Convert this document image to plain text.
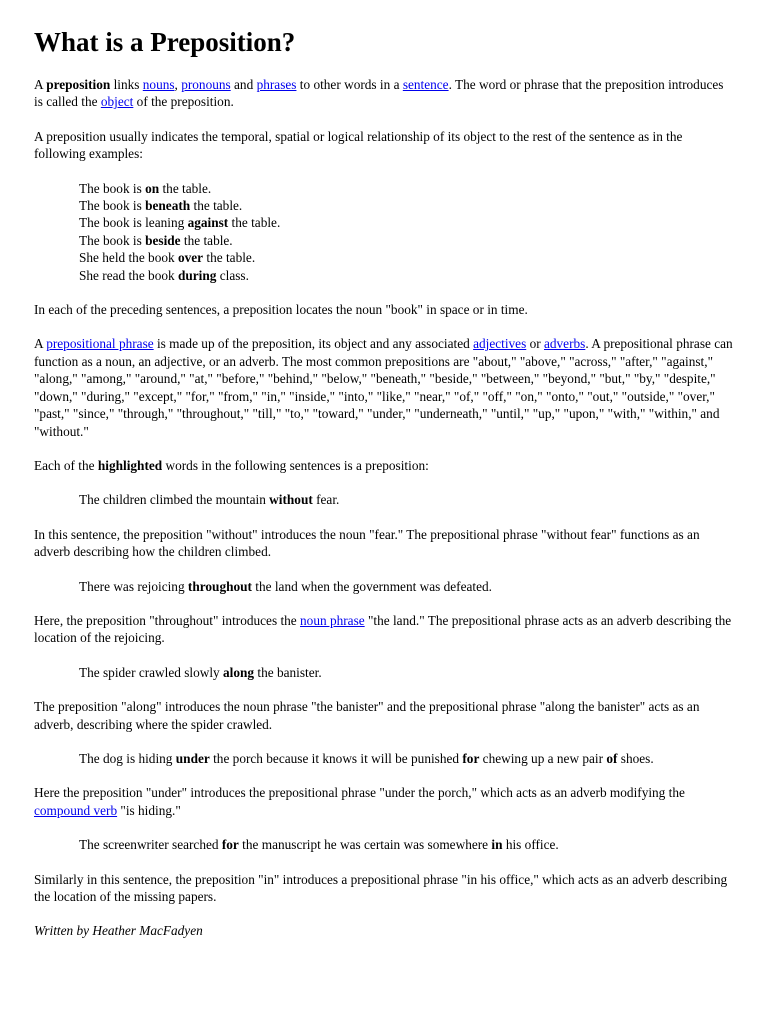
What is a Preposition?

A preposition links nouns, pronouns and phrases to other words in a sentence. The word or phrase that the preposition introduces is called the object of the preposition.

A preposition usually indicates the temporal, spatial or logical relationship of its object to the rest of the sentence as in the following examples:

The book is on the table.
The book is beneath the table.
The book is leaning against the table.
The book is beside the table.
She held the book over the table.
She read the book during class.

In each of the preceding sentences, a preposition locates the noun "book" in space or in time.

A prepositional phrase is made up of the preposition, its object and any associated adjectives or adverbs. A prepositional phrase can function as a noun, an adjective, or an adverb. The most common prepositions are "about," "above," "across," "after," "against," "along," "among," "around," "at," "before," "behind," "below," "beneath," "beside," "between," "beyond," "but," "by," "despite," "down," "during," "except," "for," "from," "in," "inside," "into," "like," "near," "of," "off," "on," "onto," "out," "outside," "over," "past," "since," "through," "throughout," "till," "to," "toward," "under," "underneath," "until," "up," "upon," "with," "within," and "without."

Each of the highlighted words in the following sentences is a preposition:

The children climbed the mountain without fear.

In this sentence, the preposition "without" introduces the noun "fear." The prepositional phrase "without fear" functions as an adverb describing how the children climbed.

There was rejoicing throughout the land when the government was defeated.

Here, the preposition "throughout" introduces the noun phrase "the land." The prepositional phrase acts as an adverb describing the location of the rejoicing.

The spider crawled slowly along the banister.

The preposition "along" introduces the noun phrase "the banister" and the prepositional phrase "along the banister" acts as an adverb, describing where the spider crawled.

The dog is hiding under the porch because it knows it will be punished for chewing up a new pair of shoes.

Here the preposition "under" introduces the prepositional phrase "under the porch," which acts as an adverb modifying the compound verb "is hiding."

The screenwriter searched for the manuscript he was certain was somewhere in his office.

Similarly in this sentence, the preposition "in" introduces a prepositional phrase "in his office," which acts as an adverb describing the location of the missing papers.

Written by Heather MacFadyen
